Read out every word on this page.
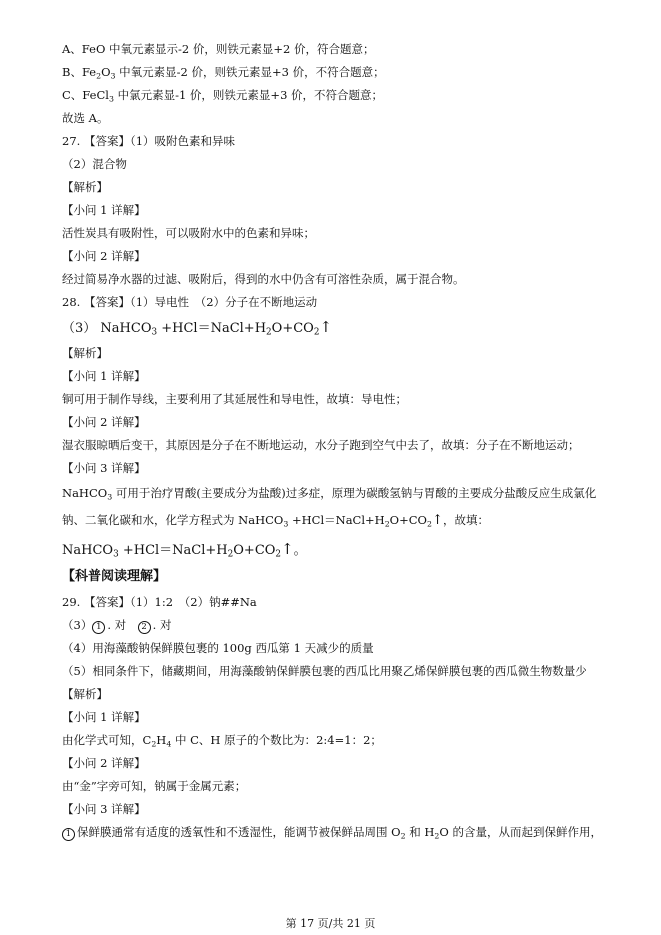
A、FeO 中氧元素显示-2 价，则铁元素显+2 价，符合题意；
B、$Fe_2O_3$ 中氧元素显-2 价，则铁元素显+3 价，不符合题意；
C、FeCl$_3$ 中氯元素显-1 价，则铁元素显+3 价，不符合题意；
故选 A。
27. 【答案】（1）吸附色素和异味
（2）混合物
【解析】
【小问 1 详解】
活性炭具有吸附性，可以吸附水中的色素和异味；
【小问 2 详解】
经过简易净水器的过滤、吸附后，得到的水中仍含有可溶性杂质，属于混合物。
28. 【答案】（1）导电性　（2）分子在不断地运动
（3） NaHCO$_3$ $+HCl=NaCl+H_2O+CO_2↑$
【解析】
【小问 1 详解】
铜可用于制作导线，主要利用了其延展性和导电性，故填：导电性；
【小问 2 详解】
湿衣服晾晒后变干，其原因是分子在不断地运动，水分子跑到空气中去了，故填：分子在不断地运动；
【小问 3 详解】
NaHCO$_3$ 可用于治疗胃酸(主要成分为盐酸)过多症，原理为碳酸氢钠与胃酸的主要成分盐酸反应生成氯化
钠、二氧化碳和水，化学方程式为 NaHCO$_3$ $+HCl=NaCl+H_2O+CO_2↑$，故填：
NaHCO$_3$ $+HCl=NaCl+H_2O+CO_2↑$。
【科普阅读理解】
29. 【答案】（1）1:2　（2）钠##Na
（3） 1 . 对　2 . 对
（4）用海藻酸钠保鲜膜包裹的 100g 西瓜第 1 天减少的质量
（5）相同条件下，储藏期间，用海藻酸钠保鲜膜包裹的西瓜比用聚乙烯保鲜膜包裹的西瓜微生物数量少
【解析】
【小问 1 详解】
由化学式可知，$C_2H_4$ 中 C、H 原子的个数比为：2:4=1：2；
【小问 2 详解】
由“金”字旁可知，钠属于金属元素；
【小问 3 详解】
1 保鲜膜通常有适度的透氧性和不透湿性，能调节被保鲜品周围 $O_2$ 和 $H_2O$ 的含量，从而起到保鲜作用，
第 17 页/共 21 页
